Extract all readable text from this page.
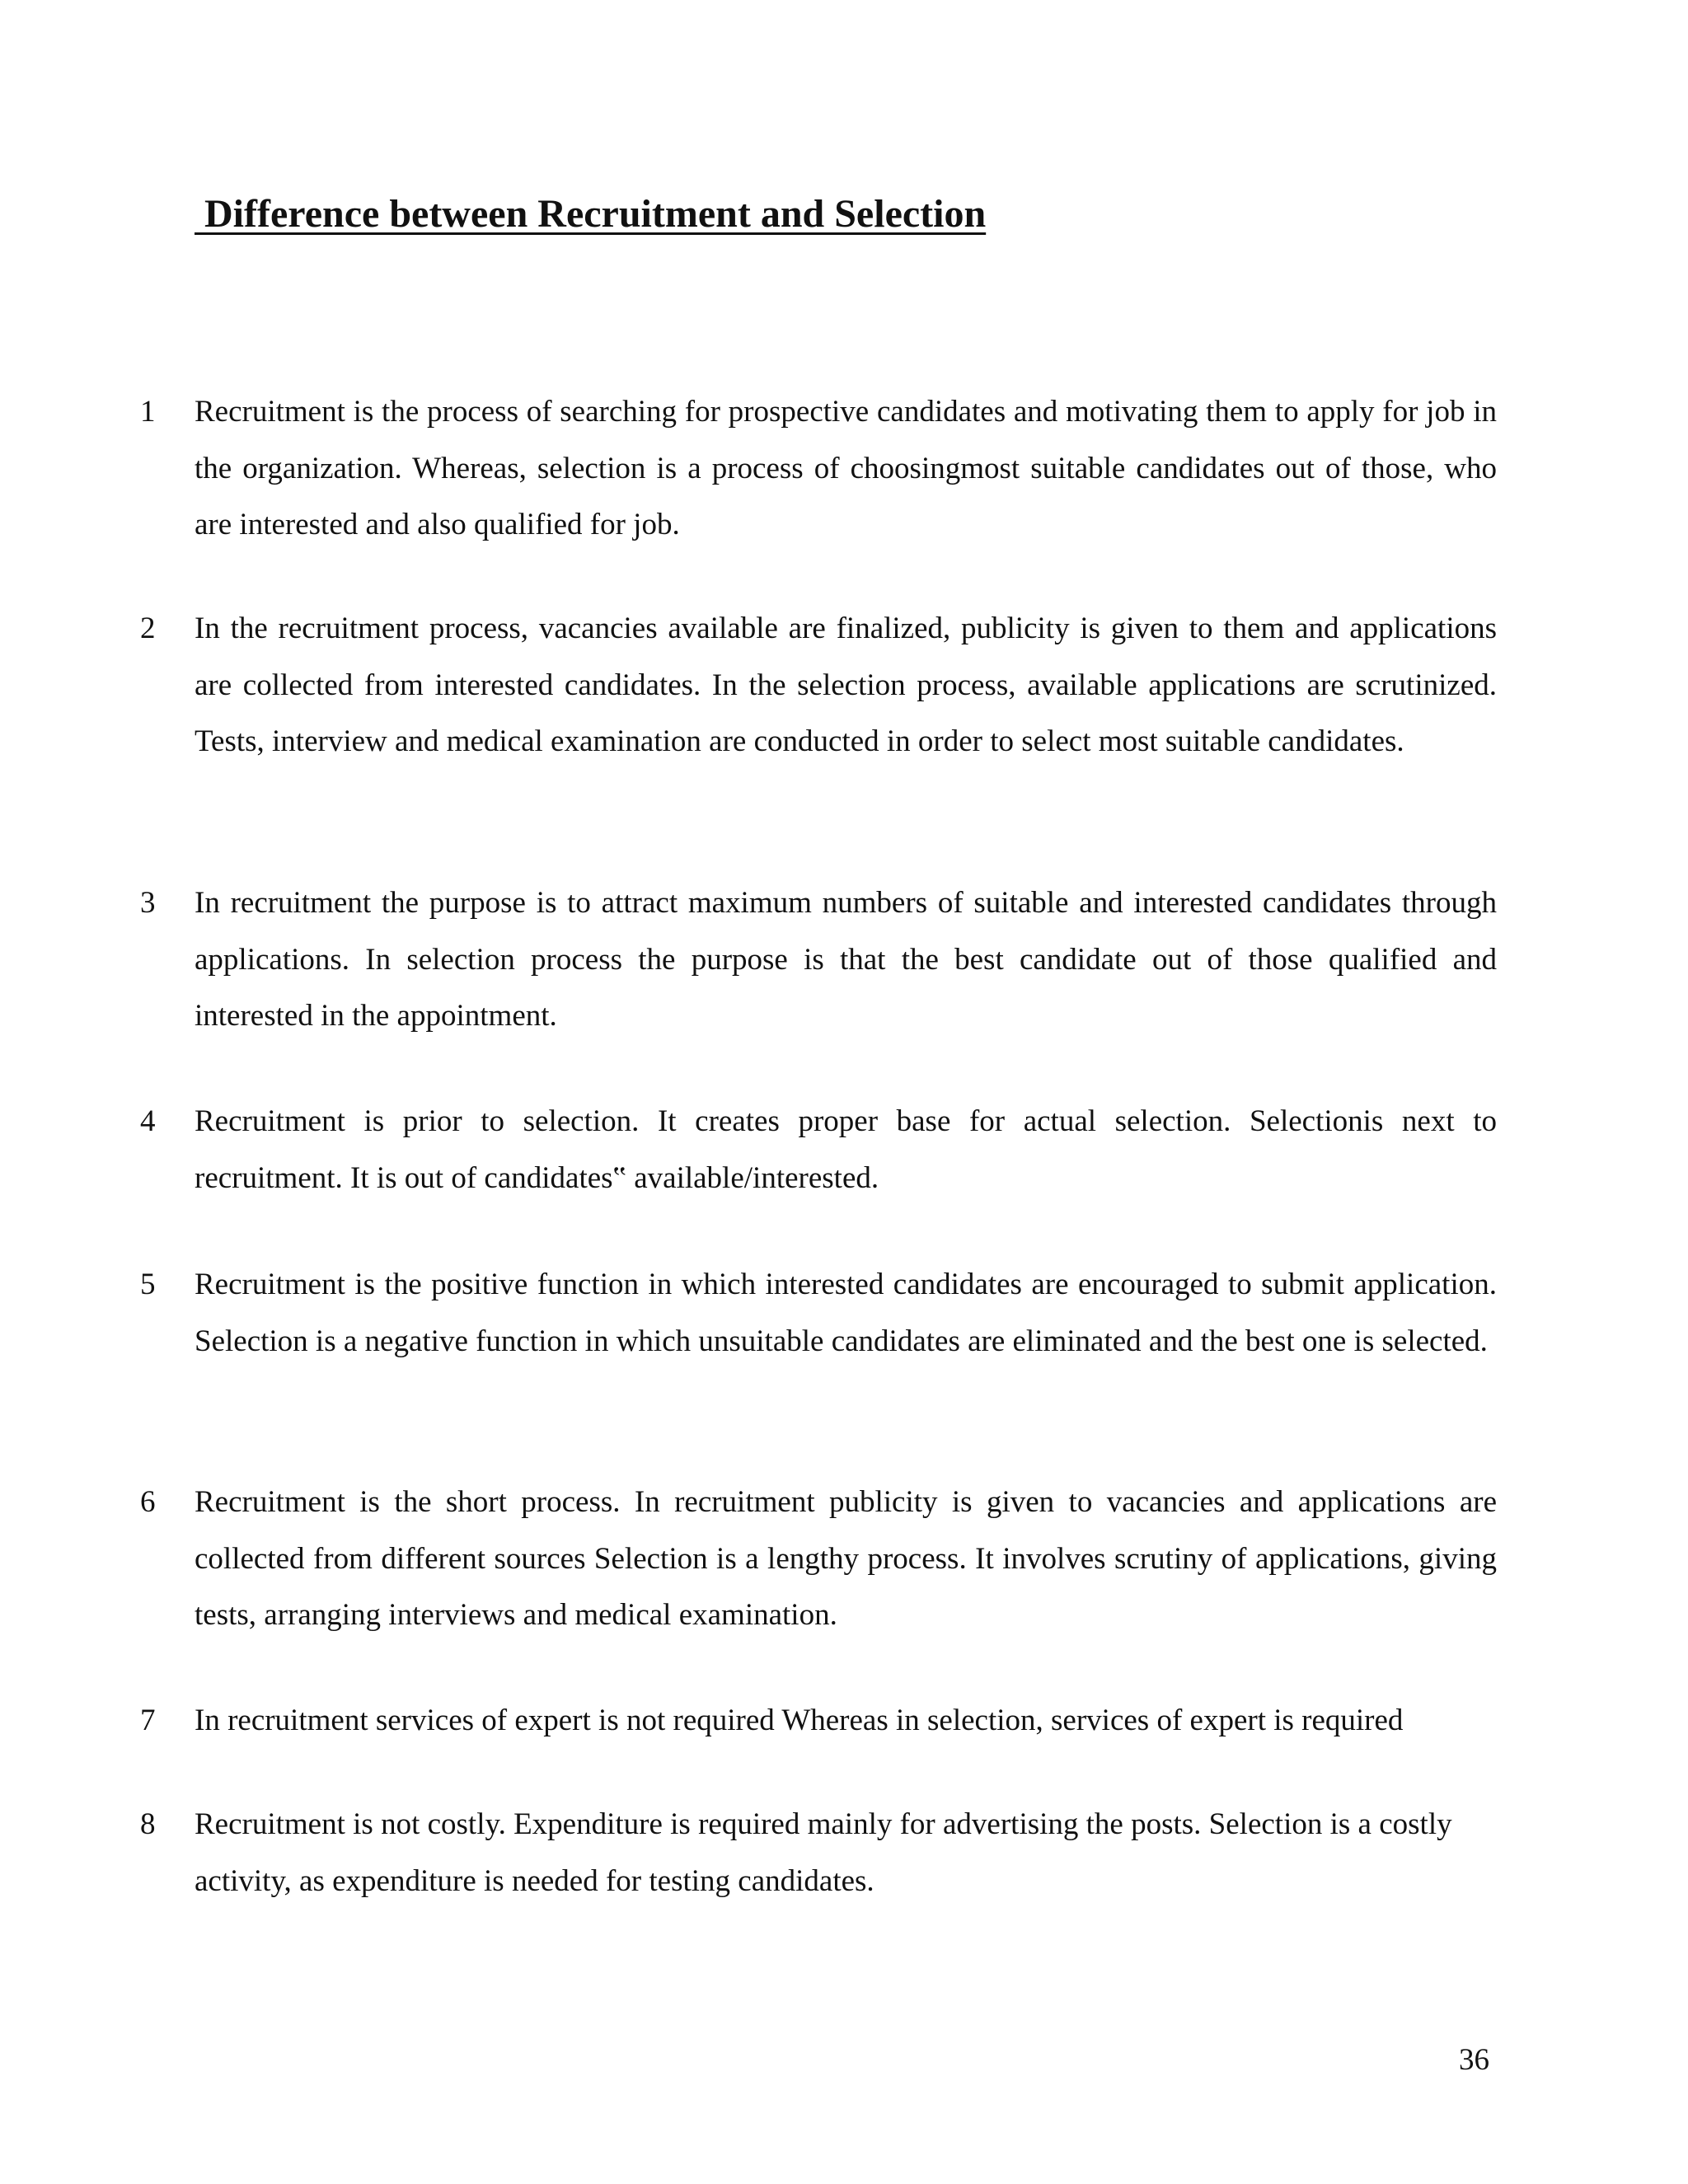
Difference between Recruitment and Selection
1 Recruitment is the process of searching for prospective candidates and motivating them to apply for job in the organization. Whereas, selection is a process of choosingmost suitable candidates out of those, who are interested and also qualified for job.
2 In the recruitment process, vacancies available are finalized, publicity is given to them and applications are collected from interested candidates. In the selection process, available applications are scrutinized. Tests, interview and medical examination are conducted in order to select most suitable candidates.
3 In recruitment the purpose is to attract maximum numbers of suitable and interested candidates through applications. In selection process the purpose is that the best candidate out of those qualified and interested in the appointment.
4 Recruitment is prior to selection. It creates proper base for actual selection. Selectionis next to recruitment. It is out of candidates‟ available/interested.
5 Recruitment is the positive function in which interested candidates are encouraged to submit application. Selection is a negative function in which unsuitable candidates are eliminated and the best one is selected.
6 Recruitment is the short process. In recruitment publicity is given to vacancies and applications are collected from different sources Selection is a lengthy process. It involves scrutiny of applications, giving tests, arranging interviews and medical examination.
7 In recruitment services of expert is not required Whereas in selection, services of expert is required
8 Recruitment is not costly. Expenditure is required mainly for advertising the posts. Selection is a costly activity, as expenditure is needed for testing candidates.
36
